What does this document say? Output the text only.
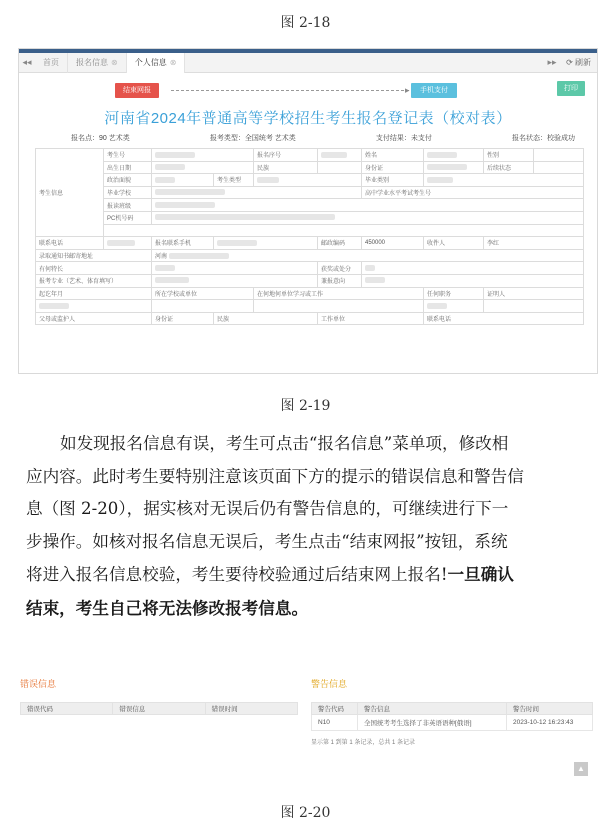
图 2-18
◂◂	首页	报名信息 ⊗	个人信息 ⊗	▸▸	⟳ 刷新
结束网报	▸	手机支付	打印
河南省2024年普通高等学校招生考生报名登记表（校对表）
报名点：90 艺术类	报考类型：全国统考 艺术类	支付结果：未支付	报名状态：校验成功
考生信息	考生号			报名序号		姓名		性别	
	出生日期			民族		身份证		后续状态	
	政治面貌		考生类型			毕业类别			
	毕业学校					高中学业水平考试考生号			
	报读班级								
	PC机号码								

联系电话		报名联系手机			邮政编码	450000	收件人	李红	
录取通知书邮寄地址		河南							
有何特长					获奖或处分				
报考专业（艺术、体育填写）					兼报意向				
起讫年月		所在学校或单位		在何地何单位学习或工作			任何职务	证明人	

父母或监护人		身份证	民族		工作单位		联系电话		
图 2-19
如发现报名信息有误，考生可点击“报名信息”菜单项，修改相
应内容。此时考生要特别注意该页面下方的提示的错误信息和警告信
息（图 2-20），据实核对无误后仍有警告信息的，可继续进行下一
步操作。如核对报名信息无误后，考生点击“结束网报”按钮，系统
将进入报名信息校验，考生要待校验通过后结束网上报名!一旦确认
结束，考生自己将无法修改报考信息。
错误信息
错误代码	错误信息	错误时间
警告信息
警告代码	警告信息	警告时间
N10	全国统考考生选择了非英语语种[俄语]	2023-10-12 16:23:43
显示第 1 到第 1 条记录，总共 1 条记录
▲
图 2-20
